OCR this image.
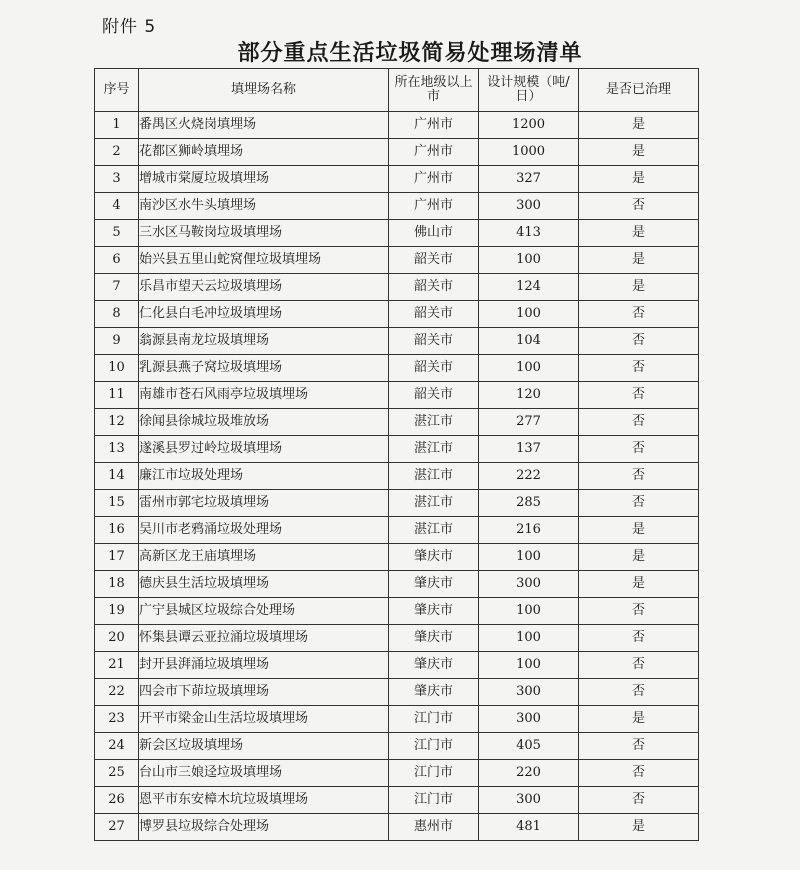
附件 5
部分重点生活垃圾简易处理场清单
序号	填埋场名称	所在地级以上市	设计规模（吨/日）	是否已治理
1	番禺区火烧岗填埋场	广州市	1200	是
2	花都区狮岭填埋场	广州市	1000	是
3	增城市棠厦垃圾填埋场	广州市	327	是
4	南沙区水牛头填埋场	广州市	300	否
5	三水区马鞍岗垃圾填埋场	佛山市	413	是
6	始兴县五里山蛇窝俚垃圾填埋场	韶关市	100	是
7	乐昌市望天云垃圾填埋场	韶关市	124	是
8	仁化县白毛冲垃圾填埋场	韶关市	100	否
9	翁源县南龙垃圾填埋场	韶关市	104	否
10	乳源县燕子窝垃圾填埋场	韶关市	100	否
11	南雄市苍石风雨亭垃圾填埋场	韶关市	120	否
12	徐闻县徐城垃圾堆放场	湛江市	277	否
13	遂溪县罗过岭垃圾填埋场	湛江市	137	否
14	廉江市垃圾处理场	湛江市	222	否
15	雷州市郭宅垃圾填埋场	湛江市	285	否
16	吴川市老鸦涌垃圾处理场	湛江市	216	是
17	高新区龙王庙填埋场	肇庆市	100	是
18	德庆县生活垃圾填埋场	肇庆市	300	是
19	广宁县城区垃圾综合处理场	肇庆市	100	否
20	怀集县谭云亚拉涌垃圾填埋场	肇庆市	100	否
21	封开县湃涌垃圾填埋场	肇庆市	100	否
22	四会市下茆垃圾填埋场	肇庆市	300	否
23	开平市梁金山生活垃圾填埋场	江门市	300	是
24	新会区垃圾填埋场	江门市	405	否
25	台山市三娘迳垃圾填埋场	江门市	220	否
26	恩平市东安樟木坑垃圾填埋场	江门市	300	否
27	博罗县垃圾综合处理场	惠州市	481	是
